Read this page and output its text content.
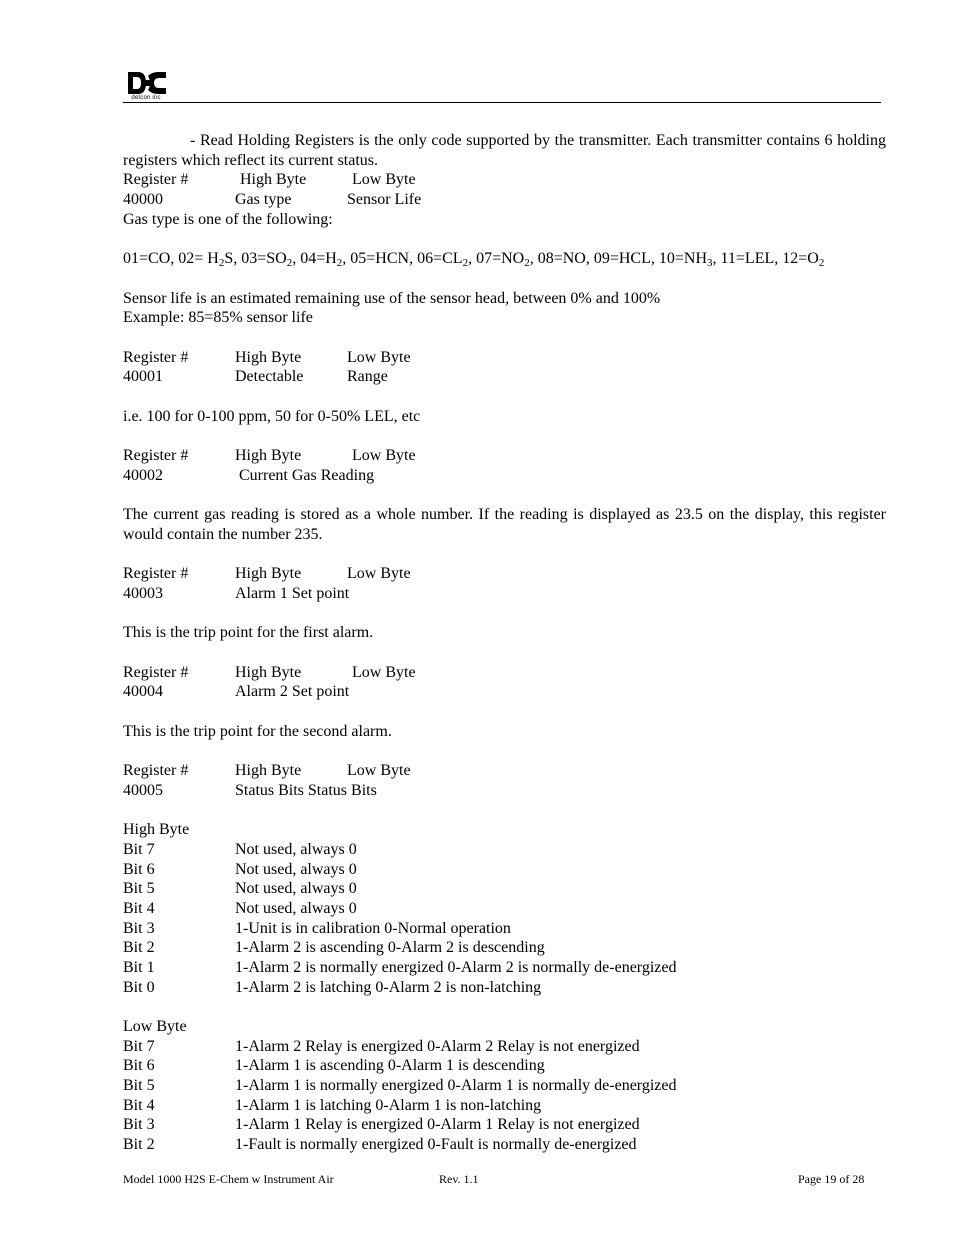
detcon inc

- Read Holding Registers is the only code supported by the transmitter. Each transmitter contains 6 holding registers which reflect its current status.

Register #	High Byte	Low Byte
40000	Gas type	Sensor Life
Gas type is one of the following:
01=CO, $02= H_2S$, $03=SO_2$, $04=H_2$, 05=HCN, $06=CL_2$, $07=NO_2$, 08=NO, 09=HCL, $10=NH_3$, 11=LEL, $12=O_2$
Sensor life is an estimated remaining use of the sensor head, between 0% and 100%
Example: 85=85% sensor life
Register #	High Byte	Low Byte
40001	Detectable	Range
i.e. 100 for 0-100 ppm, 50 for 0-50% LEL, etc
Register #	High Byte	Low Byte
40002	Current Gas Reading

The current gas reading is stored as a whole number. If the reading is displayed as 23.5 on the display, this register would contain the number 235.

Register #	High Byte	Low Byte
40003	Alarm 1 Set point
This is the trip point for the first alarm.
Register #	High Byte	Low Byte
40004	Alarm 2 Set point
This is the trip point for the second alarm.
Register #	High Byte	Low Byte
40005	Status Bits Status Bits
High Byte
Bit 7	Not used, always 0
Bit 6	Not used, always 0
Bit 5	Not used, always 0
Bit 4	Not used, always 0
Bit 3	1-Unit is in calibration 0-Normal operation
Bit 2	1-Alarm 2 is ascending 0-Alarm 2 is descending
Bit 1	1-Alarm 2 is normally energized 0-Alarm 2 is normally de-energized
Bit 0	1-Alarm 2 is latching 0-Alarm 2 is non-latching
Low Byte
Bit 7	1-Alarm 2 Relay is energized 0-Alarm 2 Relay is not energized
Bit 6	1-Alarm 1 is ascending 0-Alarm 1 is descending
Bit 5	1-Alarm 1 is normally energized 0-Alarm 1 is normally de-energized
Bit 4	1-Alarm 1 is latching 0-Alarm 1 is non-latching
Bit 3	1-Alarm 1 Relay is energized 0-Alarm 1 Relay is not energized
Bit 2	1-Fault is normally energized 0-Fault is normally de-energized
Model 1000 H2S E-Chem w Instrument Air	Rev. 1.1	Page 19 of 28
